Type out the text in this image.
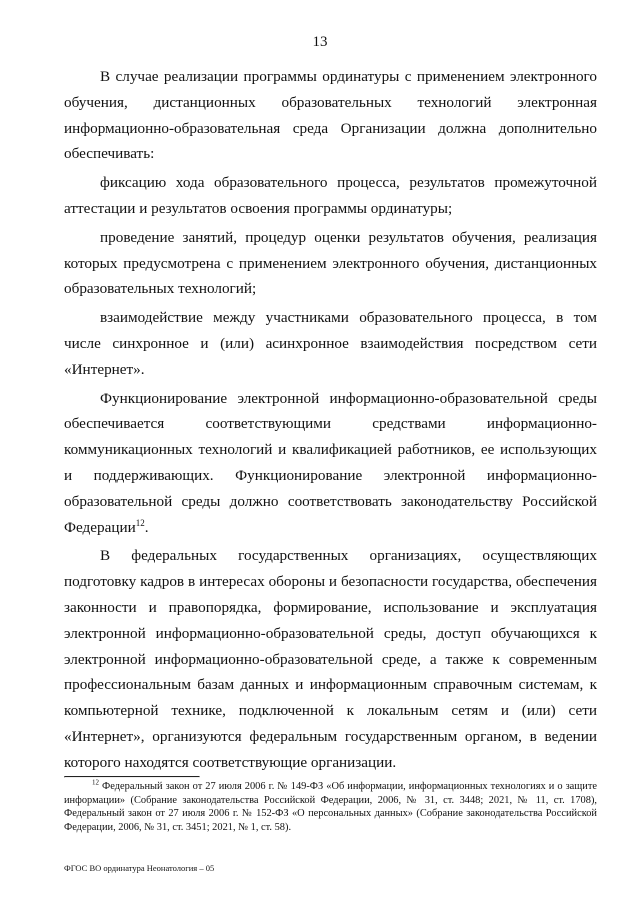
13

В случае реализации программы ординатуры с применением электронного обучения, дистанционных образовательных технологий электронная информационно-образовательная среда Организации должна дополнительно обеспечивать:

фиксацию хода образовательного процесса, результатов промежуточной аттестации и результатов освоения программы ординатуры;

проведение занятий, процедур оценки результатов обучения, реализация которых предусмотрена с применением электронного обучения, дистанционных образовательных технологий;

взаимодействие между участниками образовательного процесса, в том числе синхронное и (или) асинхронное взаимодействия посредством сети «Интернет».

Функционирование электронной информационно-образовательной среды обеспечивается соответствующими средствами информационно-коммуникационных технологий и квалификацией работников, ее использующих и поддерживающих. Функционирование электронной информационно-образовательной среды должно соответствовать законодательству Российской Федерации$^{12}$.

В федеральных государственных организациях, осуществляющих подготовку кадров в интересах обороны и безопасности государства, обеспечения законности и правопорядка, формирование, использование и эксплуатация электронной информационно-образовательной среды, доступ обучающихся к электронной информационно-образовательной среде, а также к современным профессиональным базам данных и информационным справочным системам, к компьютерной технике, подключенной к локальным сетям и (или) сети «Интернет», организуются федеральным государственным органом, в ведении которого находятся соответствующие организации.

$^{12}$ Федеральный закон от 27 июля 2006 г. № 149-ФЗ «Об информации, информационных технологиях и о защите информации» (Собрание законодательства Российской Федерации, 2006, № 31, ст. 3448; 2021, № 11, ст. 1708), Федеральный закон от 27 июля 2006 г. № 152-ФЗ «О персональных данных» (Собрание законодательства Российской Федерации, 2006, № 31, ст. 3451; 2021, № 1, ст. 58).

ФГОС ВО ординатура Неонатология – 05
